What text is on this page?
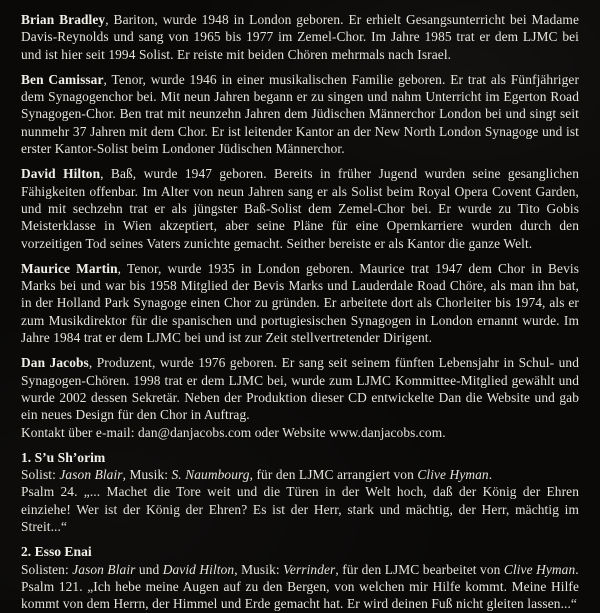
Brian Bradley, Bariton, wurde 1948 in London geboren. Er erhielt Gesangsunterricht bei Madame Davis-Reynolds und sang von 1965 bis 1977 im Zemel-Chor. Im Jahre 1985 trat er dem LJMC bei und ist hier seit 1994 Solist. Er reiste mit beiden Chören mehrmals nach Israel.

Ben Camissar, Tenor, wurde 1946 in einer musikalischen Familie geboren. Er trat als Fünfjähriger dem Synagogenchor bei. Mit neun Jahren begann er zu singen und nahm Unterricht im Egerton Road Synagogen-Chor. Ben trat mit neunzehn Jahren dem Jüdischen Männerchor London bei und singt seit nunmehr 37 Jahren mit dem Chor. Er ist leitender Kantor an der New North London Synagoge und ist erster Kantor-Solist beim Londoner Jüdischen Männerchor.

David Hilton, Baß, wurde 1947 geboren. Bereits in früher Jugend wurden seine gesanglichen Fähigkeiten offenbar. Im Alter von neun Jahren sang er als Solist beim Royal Opera Covent Garden, und mit sechzehn trat er als jüngster Baß-Solist dem Zemel-Chor bei. Er wurde zu Tito Gobis Meisterklasse in Wien akzeptiert, aber seine Pläne für eine Opernkarriere wurden durch den vorzeitigen Tod seines Vaters zunichte gemacht. Seither bereiste er als Kantor die ganze Welt.

Maurice Martin, Tenor, wurde 1935 in London geboren. Maurice trat 1947 dem Chor in Bevis Marks bei und war bis 1958 Mitglied der Bevis Marks und Lauderdale Road Chöre, als man ihn bat, in der Holland Park Synagoge einen Chor zu gründen. Er arbeitete dort als Chorleiter bis 1974, als er zum Musikdirektor für die spanischen und portugiesischen Synagogen in London ernannt wurde. Im Jahre 1984 trat er dem LJMC bei und ist zur Zeit stellvertretender Dirigent.

Dan Jacobs, Produzent, wurde 1976 geboren. Er sang seit seinem fünften Lebensjahr in Schul- und Synagogen-Chören. 1998 trat er dem LJMC bei, wurde zum LJMC Kommittee-Mitglied gewählt und wurde 2002 dessen Sekretär. Neben der Produktion dieser CD entwickelte Dan die Website und gab ein neues Design für den Chor in Auftrag.

Kontakt über e-mail: dan@danjacobs.com oder Website www.danjacobs.com.
1. S’u Sh’orim
Solist: Jason Blair, Musik: S. Naumbourg, für den LJMC arrangiert von Clive Hyman.
Psalm 24. „... Machet die Tore weit und die Türen in der Welt hoch, daß der König der Ehren einziehe! Wer ist der König der Ehren? Es ist der Herr, stark und mächtig, der Herr, mächtig im Streit...“
2. Esso Enai
Solisten: Jason Blair und David Hilton, Musik: Verrinder, für den LJMC bearbeitet von Clive Hyman.
Psalm 121. „Ich hebe meine Augen auf zu den Bergen, von welchen mir Hilfe kommt. Meine Hilfe kommt von dem Herrn, der Himmel und Erde gemacht hat. Er wird deinen Fuß nicht gleiten lassen...“
